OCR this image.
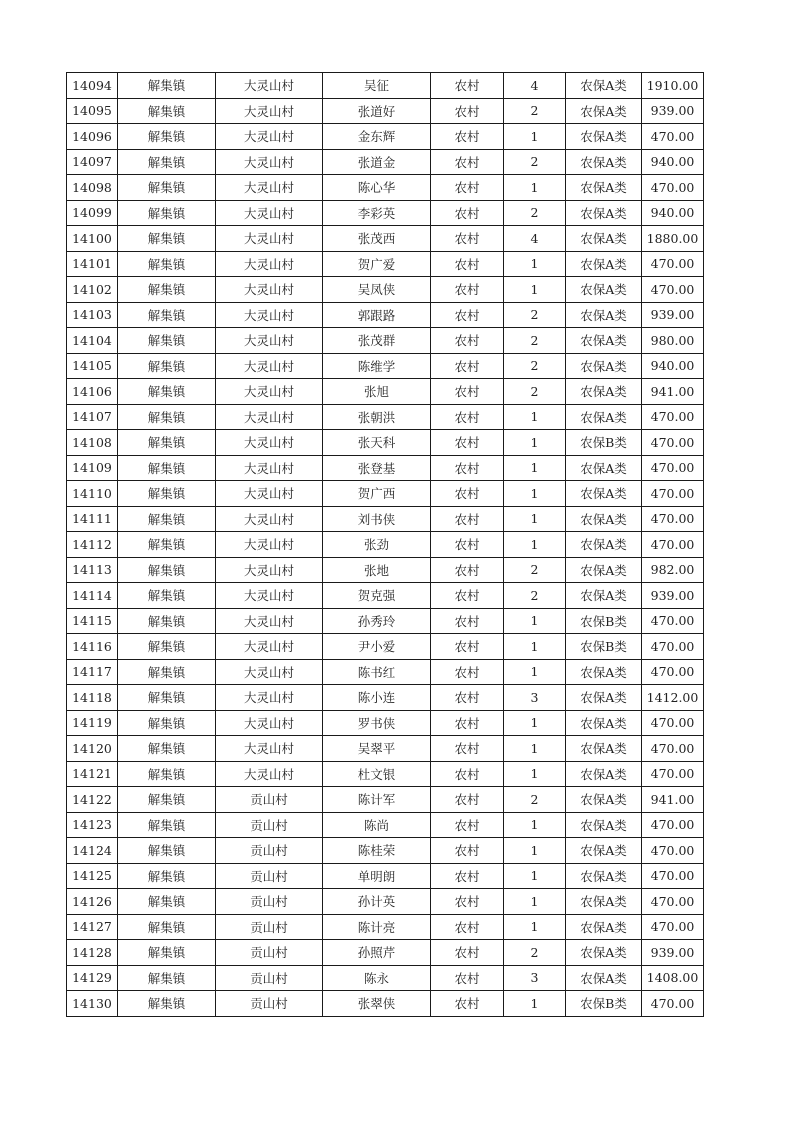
14094	解集镇	大灵山村	吴征	农村	4	农保A类	1910.00
14095	解集镇	大灵山村	张道好	农村	2	农保A类	939.00
14096	解集镇	大灵山村	金东辉	农村	1	农保A类	470.00
14097	解集镇	大灵山村	张道金	农村	2	农保A类	940.00
14098	解集镇	大灵山村	陈心华	农村	1	农保A类	470.00
14099	解集镇	大灵山村	李彩英	农村	2	农保A类	940.00
14100	解集镇	大灵山村	张茂西	农村	4	农保A类	1880.00
14101	解集镇	大灵山村	贺广爱	农村	1	农保A类	470.00
14102	解集镇	大灵山村	吴凤侠	农村	1	农保A类	470.00
14103	解集镇	大灵山村	郭跟路	农村	2	农保A类	939.00
14104	解集镇	大灵山村	张茂群	农村	2	农保A类	980.00
14105	解集镇	大灵山村	陈维学	农村	2	农保A类	940.00
14106	解集镇	大灵山村	张旭	农村	2	农保A类	941.00
14107	解集镇	大灵山村	张朝洪	农村	1	农保A类	470.00
14108	解集镇	大灵山村	张天科	农村	1	农保B类	470.00
14109	解集镇	大灵山村	张登基	农村	1	农保A类	470.00
14110	解集镇	大灵山村	贺广西	农村	1	农保A类	470.00
14111	解集镇	大灵山村	刘书侠	农村	1	农保A类	470.00
14112	解集镇	大灵山村	张劲	农村	1	农保A类	470.00
14113	解集镇	大灵山村	张地	农村	2	农保A类	982.00
14114	解集镇	大灵山村	贺克强	农村	2	农保A类	939.00
14115	解集镇	大灵山村	孙秀玲	农村	1	农保B类	470.00
14116	解集镇	大灵山村	尹小爱	农村	1	农保B类	470.00
14117	解集镇	大灵山村	陈书红	农村	1	农保A类	470.00
14118	解集镇	大灵山村	陈小连	农村	3	农保A类	1412.00
14119	解集镇	大灵山村	罗书侠	农村	1	农保A类	470.00
14120	解集镇	大灵山村	吴翠平	农村	1	农保A类	470.00
14121	解集镇	大灵山村	杜文银	农村	1	农保A类	470.00
14122	解集镇	贡山村	陈计军	农村	2	农保A类	941.00
14123	解集镇	贡山村	陈尚	农村	1	农保A类	470.00
14124	解集镇	贡山村	陈桂荣	农村	1	农保A类	470.00
14125	解集镇	贡山村	单明朗	农村	1	农保A类	470.00
14126	解集镇	贡山村	孙计英	农村	1	农保A类	470.00
14127	解集镇	贡山村	陈计亮	农村	1	农保A类	470.00
14128	解集镇	贡山村	孙照芹	农村	2	农保A类	939.00
14129	解集镇	贡山村	陈永	农村	3	农保A类	1408.00
14130	解集镇	贡山村	张翠侠	农村	1	农保B类	470.00
